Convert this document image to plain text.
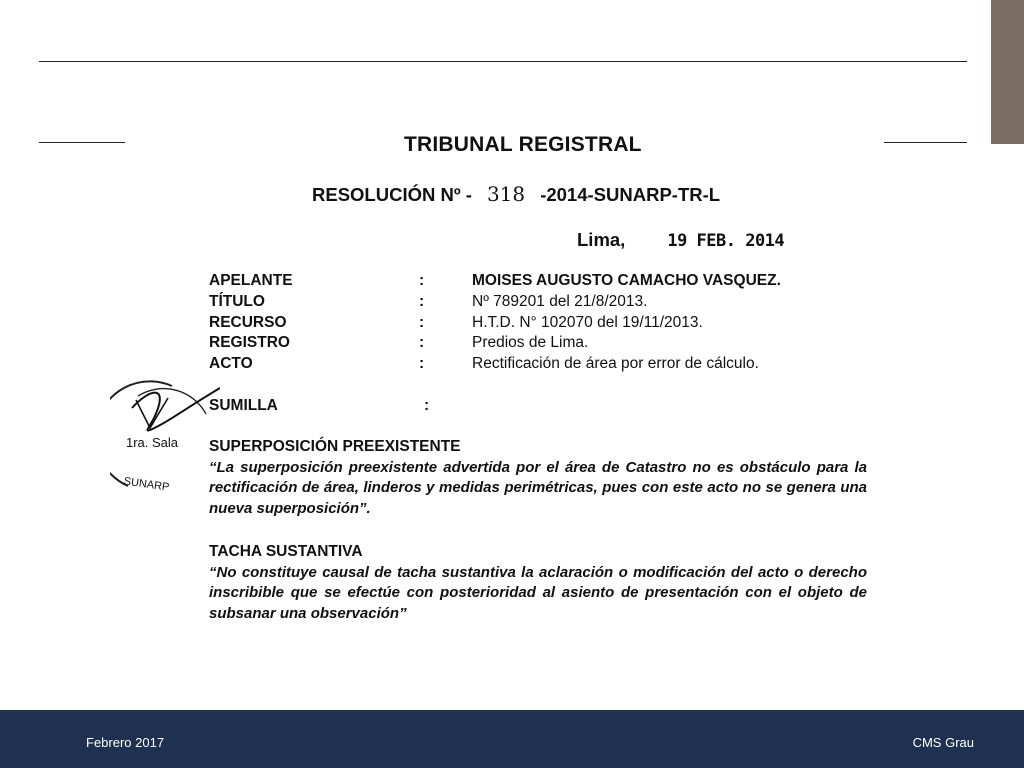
TRIBUNAL REGISTRAL
RESOLUCIÓN Nº - 318 -2014-SUNARP-TR-L
Lima, 19 FEB. 2014
APELANTE	:	MOISES AUGUSTO CAMACHO VASQUEZ.
TÍTULO	:	Nº 789201 del 21/8/2013.
RECURSO	:	H.T.D. N° 102070 del 19/11/2013.
REGISTRO	:	Predios de Lima.
ACTO	:	Rectificación de área por error de cálculo.
1ra. Sala
SUNARP
SUMILLA	:
SUPERPOSICIÓN PREEXISTENTE

“La superposición preexistente advertida por el área de Catastro no es obstáculo para la rectificación de área, linderos y medidas perimétricas, pues con este acto no se genera una nueva superposición”.

TACHA SUSTANTIVA

“No constituye causal de tacha sustantiva la aclaración o modificación del acto o derecho inscribible que se efectúe con posterioridad al asiento de presentación con el objeto de subsanar una observación”

Febrero 2017	CMS Grau
